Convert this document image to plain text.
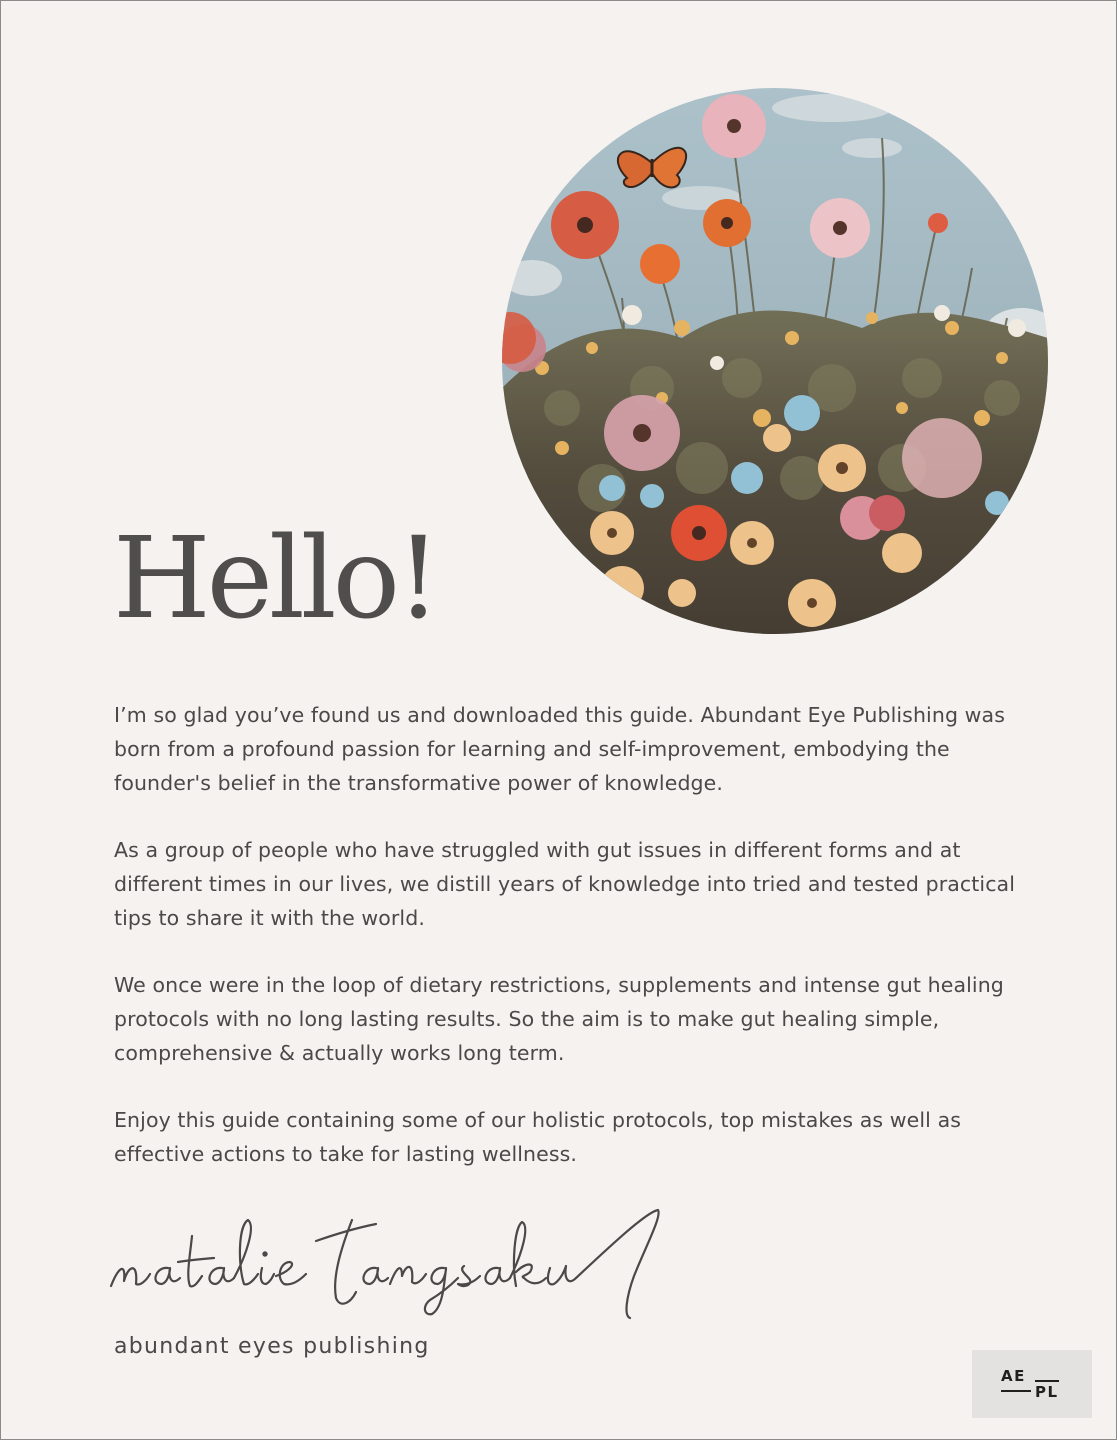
Hello!

I’m so glad you’ve found us and downloaded this guide. Abundant Eye Publishing was born from a profound passion for learning and self-improvement, embodying the founder's belief in the transformative power of knowledge.

As a group of people who have struggled with gut issues in different forms and at different times in our lives, we distill years of knowledge into tried and tested practical tips to share it with the world.

We once were in the loop of dietary restrictions, supplements and intense gut healing protocols with no long lasting results. So the aim is to make gut healing simple, comprehensive & actually works long term.

Enjoy this guide containing some of our holistic protocols, top mistakes as well as effective actions to take for lasting wellness.

abundant eyes publishing
AE
PL
